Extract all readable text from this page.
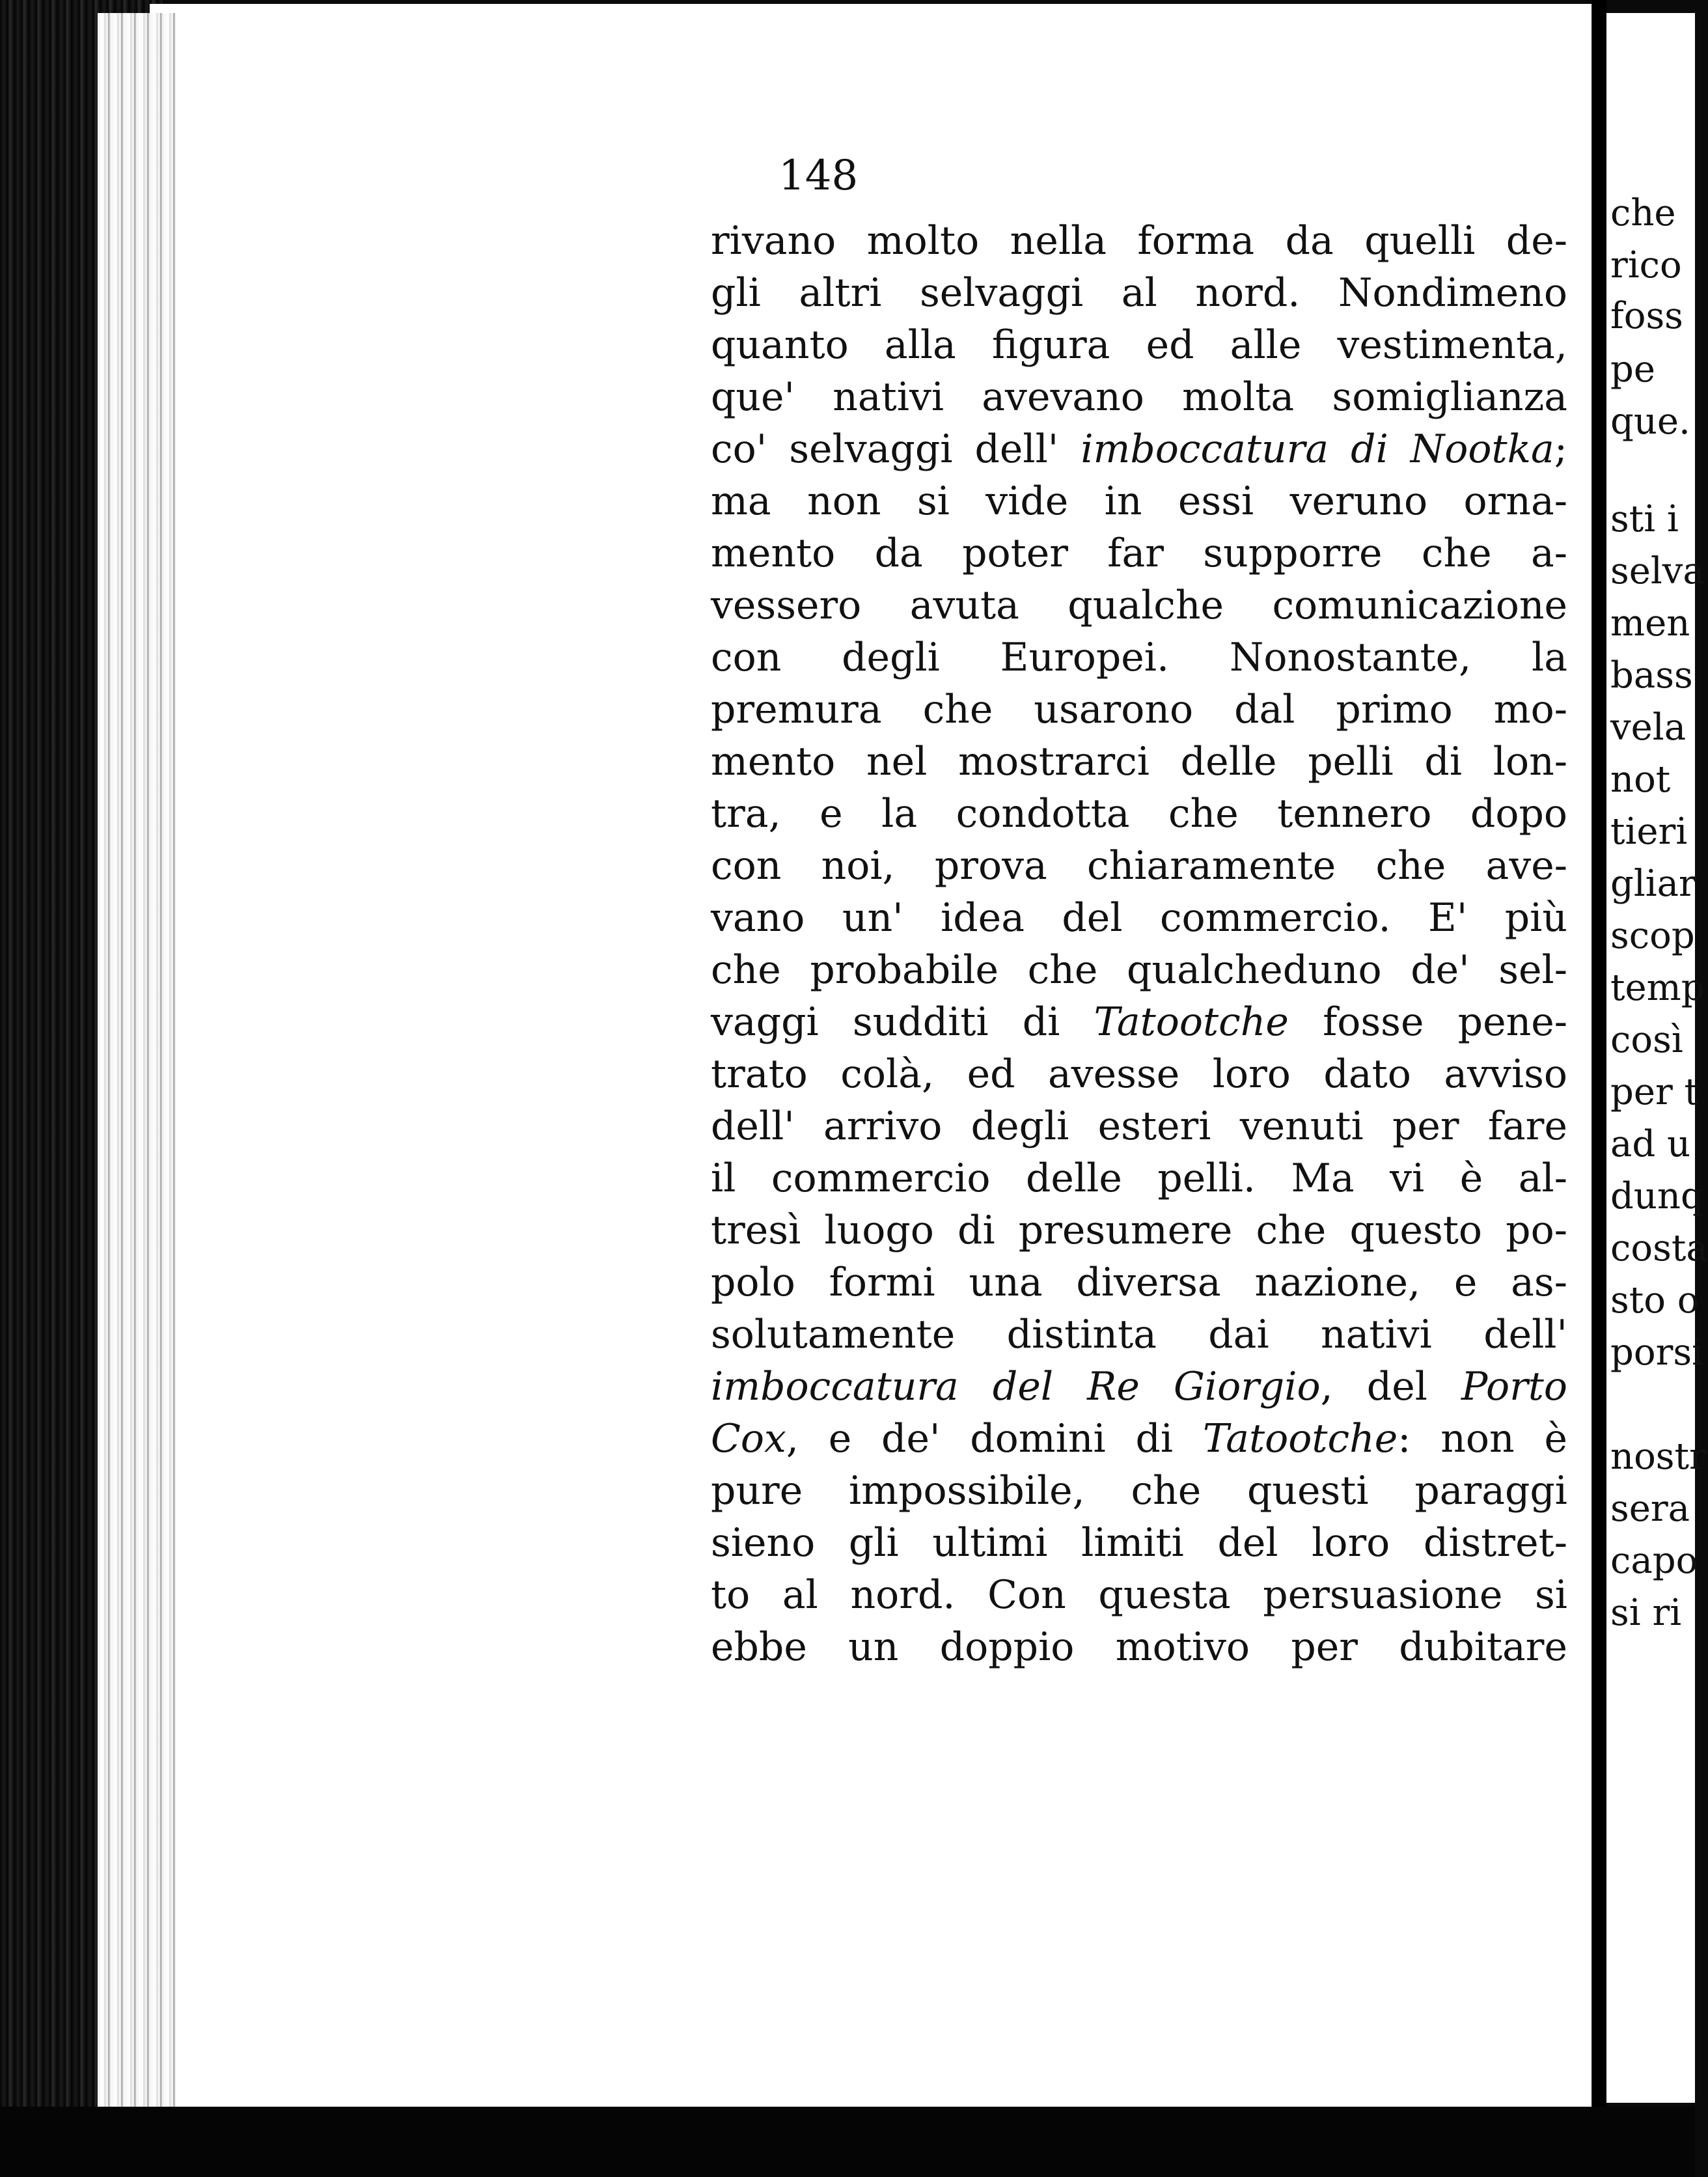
148
rivano molto nella forma da quelli de-
gli altri selvaggi al nord. Nondimeno
quanto alla figura ed alle vestimenta,
que' nativi avevano molta somiglianza
co' selvaggi dell' imboccatura di Nootka;
ma non si vide in essi veruno orna-
mento da poter far supporre che a-
vessero avuta qualche comunicazione
con degli Europei. Nonostante, la
premura che usarono dal primo mo-
mento nel mostrarci delle pelli di lon-
tra, e la condotta che tennero dopo
con noi, prova chiaramente che ave-
vano un' idea del commercio. E' più
che probabile che qualcheduno de' sel-
vaggi sudditi di Tatootche fosse pene-
trato colà, ed avesse loro dato avviso
dell' arrivo degli esteri venuti per fare
il commercio delle pelli. Ma vi è al-
tresì luogo di presumere che questo po-
polo formi una diversa nazione, e as-
solutamente distinta dai nativi dell'
imboccatura del Re Giorgio, del Porto
Cox, e de' domini di Tatootche: non è
pure impossibile, che questi paraggi
sieno gli ultimi limiti del loro distret-
to al nord. Con questa persuasione si
ebbe un doppio motivo per dubitare
che
rico
foss
pe
que.
sti i
selva
men
bass
vela
not
tieri
gliar
scop
temp
così
per t
ad u
dunq
costa
sto o
porsi
nostr
sera
capo
si ri
